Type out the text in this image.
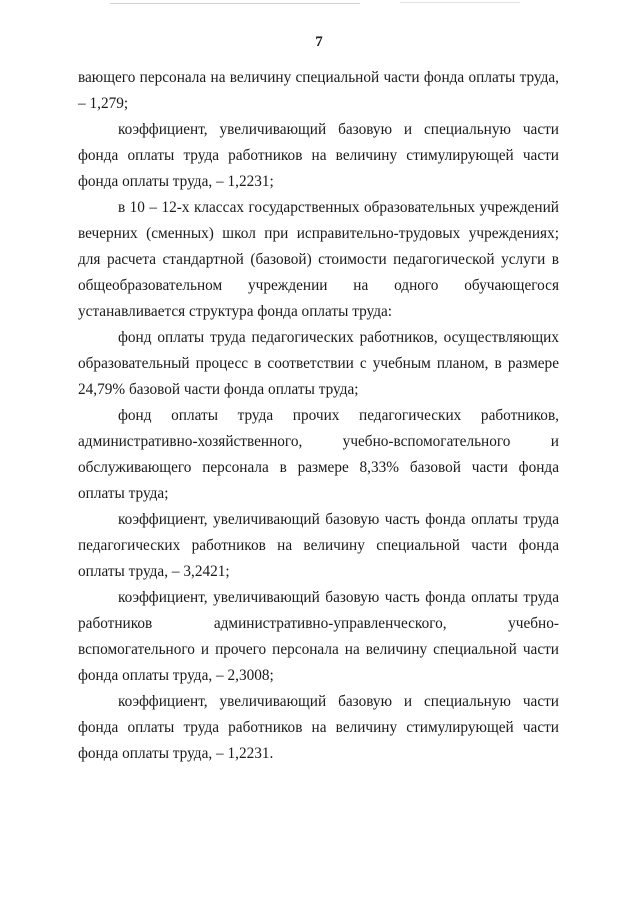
7

вающего персонала на величину специальной части фонда оплаты труда, – 1,279;

коэффициент, увеличивающий базовую и специальную части фонда оплаты труда работников на величину стимулирующей части фонда оплаты труда, – 1,2231;

в 10 – 12-х классах государственных образовательных учреждений вечерних (сменных) школ при исправительно-трудовых учреждениях; для расчета стандартной (базовой) стоимости педагогической услуги в общеобразовательном учреждении на одного обучающегося устанавливается структура фонда оплаты труда:

фонд оплаты труда педагогических работников, осуществляющих образовательный процесс в соответствии с учебным планом, в размере 24,79% базовой части фонда оплаты труда;

фонд оплаты труда прочих педагогических работников, административно-хозяйственного, учебно-вспомогательного и обслуживающего персонала в размере 8,33% базовой части фонда оплаты труда;

коэффициент, увеличивающий базовую часть фонда оплаты труда педагогических работников на величину специальной части фонда оплаты труда, – 3,2421;

коэффициент, увеличивающий базовую часть фонда оплаты труда работников административно-управленческого, учебно-вспомогательного и прочего персонала на величину специальной части фонда оплаты труда, – 2,3008;

коэффициент, увеличивающий базовую и специальную части фонда оплаты труда работников на величину стимулирующей части фонда оплаты труда, – 1,2231.
